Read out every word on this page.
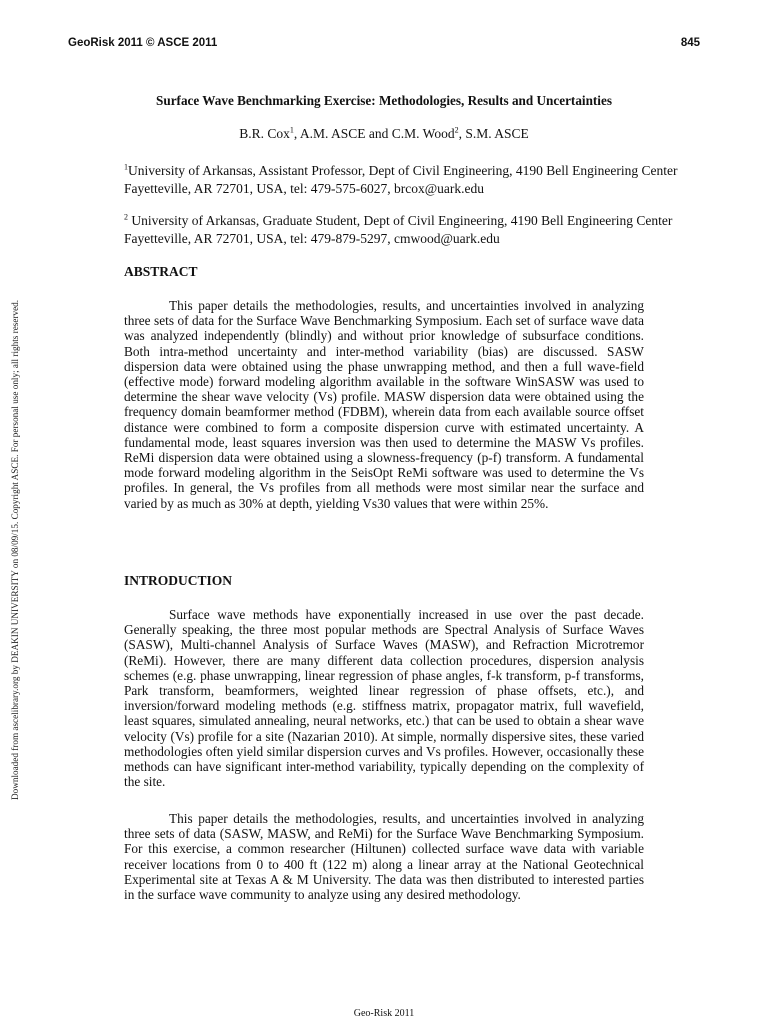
GeoRisk 2011 © ASCE 2011	845
Downloaded from ascelibrary.org by DEAKIN UNIVERSITY on 08/09/15. Copyright ASCE. For personal use only; all rights reserved.
Surface Wave Benchmarking Exercise: Methodologies, Results and Uncertainties
B.R. Cox$^1$, A.M. ASCE and C.M. Wood$^2$, S.M. ASCE
$^1$University of Arkansas, Assistant Professor, Dept of Civil Engineering, 4190 Bell Engineering Center Fayetteville, AR 72701, USA, tel: 479-575-6027, brcox@uark.edu
$^2$ University of Arkansas, Graduate Student, Dept of Civil Engineering, 4190 Bell Engineering Center Fayetteville, AR 72701, USA, tel: 479-879-5297, cmwood@uark.edu
ABSTRACT

This paper details the methodologies, results, and uncertainties involved in analyzing three sets of data for the Surface Wave Benchmarking Symposium. Each set of surface wave data was analyzed independently (blindly) and without prior knowledge of subsurface conditions. Both intra-method uncertainty and inter-method variability (bias) are discussed. SASW dispersion data were obtained using the phase unwrapping method, and then a full wave-field (effective mode) forward modeling algorithm available in the software WinSASW was used to determine the shear wave velocity (Vs) profile. MASW dispersion data were obtained using the frequency domain beamformer method (FDBM), wherein data from each available source offset distance were combined to form a composite dispersion curve with estimated uncertainty. A fundamental mode, least squares inversion was then used to determine the MASW Vs profiles. ReMi dispersion data were obtained using a slowness-frequency (p-f) transform. A fundamental mode forward modeling algorithm in the SeisOpt ReMi software was used to determine the Vs profiles. In general, the Vs profiles from all methods were most similar near the surface and varied by as much as 30% at depth, yielding Vs30 values that were within 25%.

INTRODUCTION

Surface wave methods have exponentially increased in use over the past decade. Generally speaking, the three most popular methods are Spectral Analysis of Surface Waves (SASW), Multi-channel Analysis of Surface Waves (MASW), and Refraction Microtremor (ReMi). However, there are many different data collection procedures, dispersion analysis schemes (e.g. phase unwrapping, linear regression of phase angles, f-k transform, p-f transforms, Park transform, beamformers, weighted linear regression of phase offsets, etc.), and inversion/forward modeling methods (e.g. stiffness matrix, propagator matrix, full wavefield, least squares, simulated annealing, neural networks, etc.) that can be used to obtain a shear wave velocity (Vs) profile for a site (Nazarian 2010). At simple, normally dispersive sites, these varied methodologies often yield similar dispersion curves and Vs profiles. However, occasionally these methods can have significant inter-method variability, typically depending on the complexity of the site.

This paper details the methodologies, results, and uncertainties involved in analyzing three sets of data (SASW, MASW, and ReMi) for the Surface Wave Benchmarking Symposium. For this exercise, a common researcher (Hiltunen) collected surface wave data with variable receiver locations from 0 to 400 ft (122 m) along a linear array at the National Geotechnical Experimental site at Texas A & M University. The data was then distributed to interested parties in the surface wave community to analyze using any desired methodology.

Geo-Risk 2011
